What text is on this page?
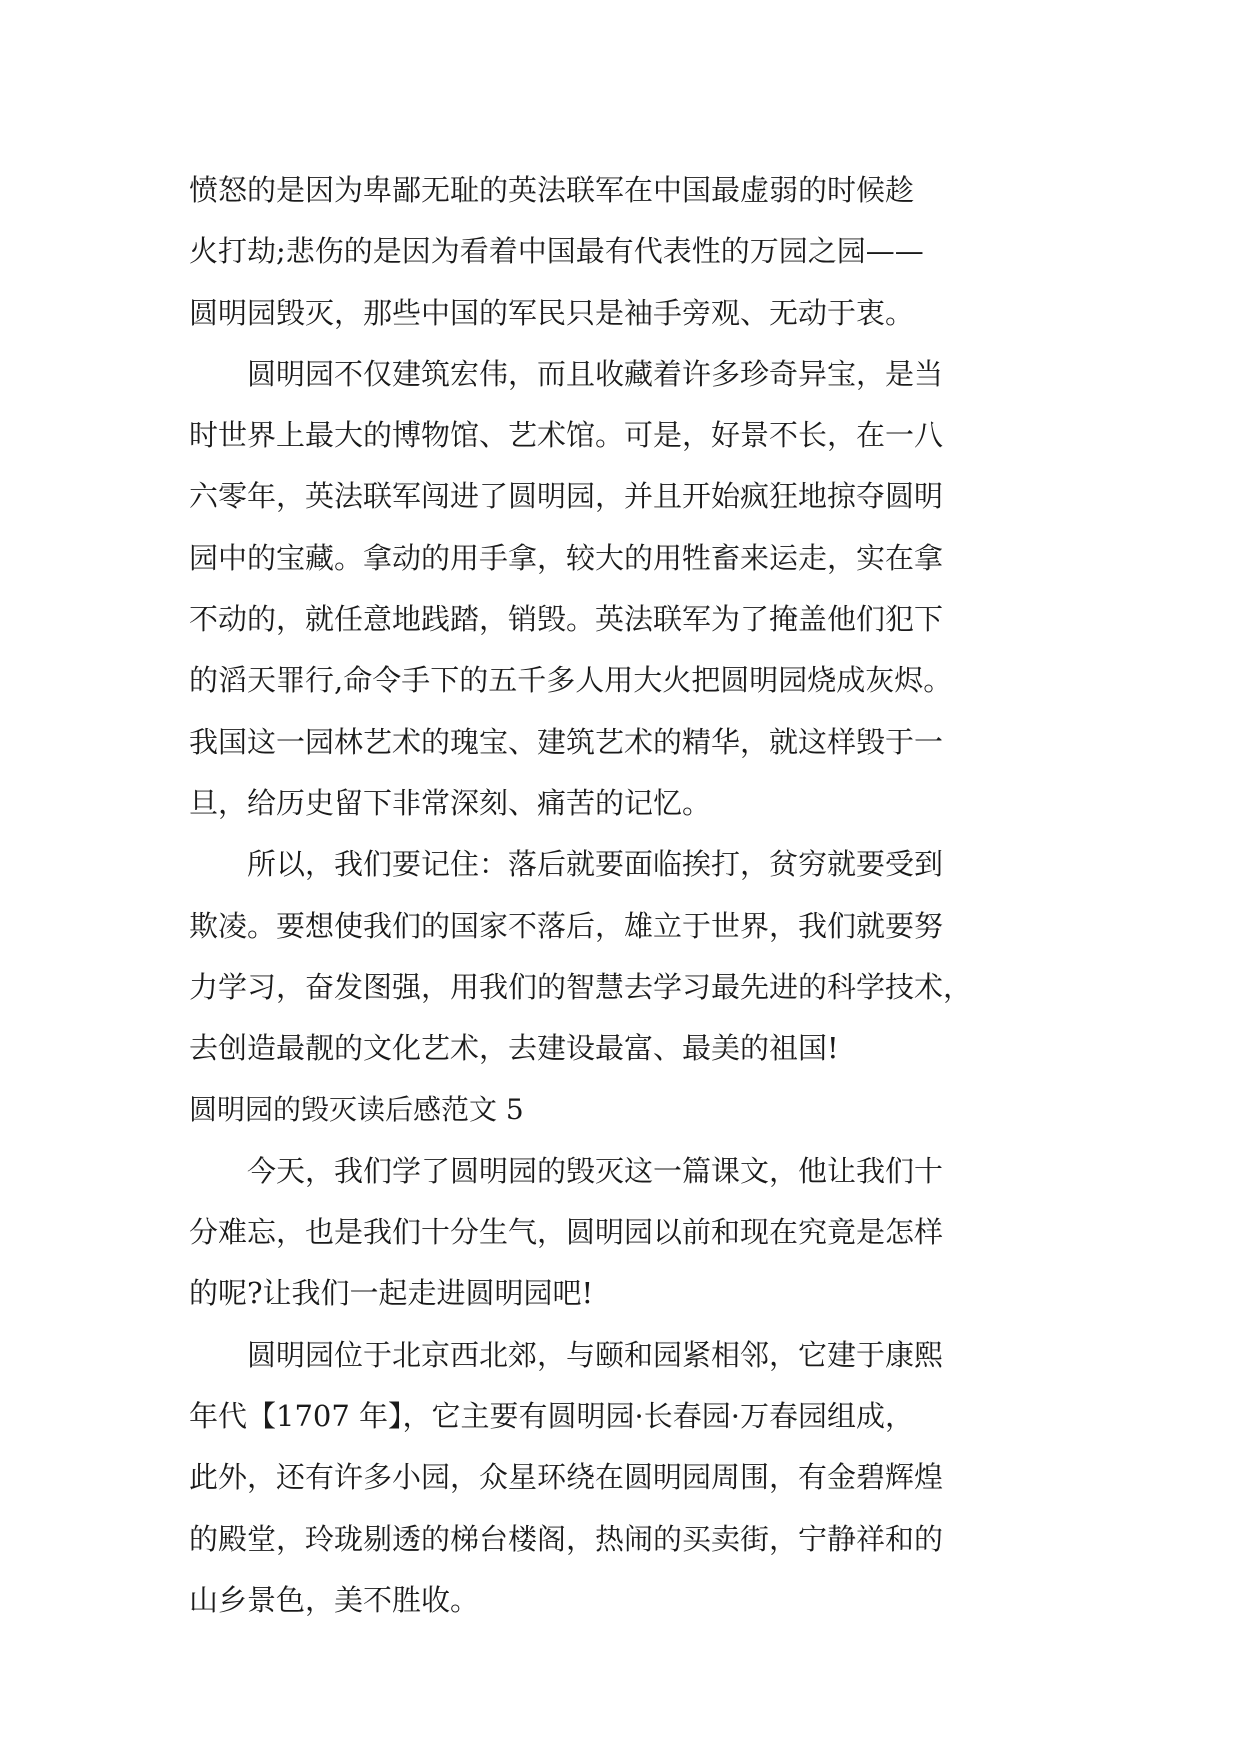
愤怒的是因为卑鄙无耻的英法联军在中国最虚弱的时候趁
火打劫;悲伤的是因为看着中国最有代表性的万园之园——
圆明园毁灭，那些中国的军民只是袖手旁观、无动于衷。
圆明园不仅建筑宏伟，而且收藏着许多珍奇异宝，是当
时世界上最大的博物馆、艺术馆。可是，好景不长，在一八
六零年，英法联军闯进了圆明园，并且开始疯狂地掠夺圆明
园中的宝藏。拿动的用手拿，较大的用牲畜来运走，实在拿
不动的，就任意地践踏，销毁。英法联军为了掩盖他们犯下
的滔天罪行,命令手下的五千多人用大火把圆明园烧成灰烬。
我国这一园林艺术的瑰宝、建筑艺术的精华，就这样毁于一
旦，给历史留下非常深刻、痛苦的记忆。
所以，我们要记住：落后就要面临挨打，贫穷就要受到
欺凌。要想使我们的国家不落后，雄立于世界，我们就要努
力学习，奋发图强，用我们的智慧去学习最先进的科学技术，
去创造最靓的文化艺术，去建设最富、最美的祖国!
圆明园的毁灭读后感范文 5
今天，我们学了圆明园的毁灭这一篇课文，他让我们十
分难忘，也是我们十分生气，圆明园以前和现在究竟是怎样
的呢?让我们一起走进圆明园吧!
圆明园位于北京西北郊，与颐和园紧相邻，它建于康熙
年代【1707 年】，它主要有圆明园·长春园·万春园组成，
此外，还有许多小园，众星环绕在圆明园周围，有金碧辉煌
的殿堂，玲珑剔透的梯台楼阁，热闹的买卖街，宁静祥和的
山乡景色，美不胜收。
